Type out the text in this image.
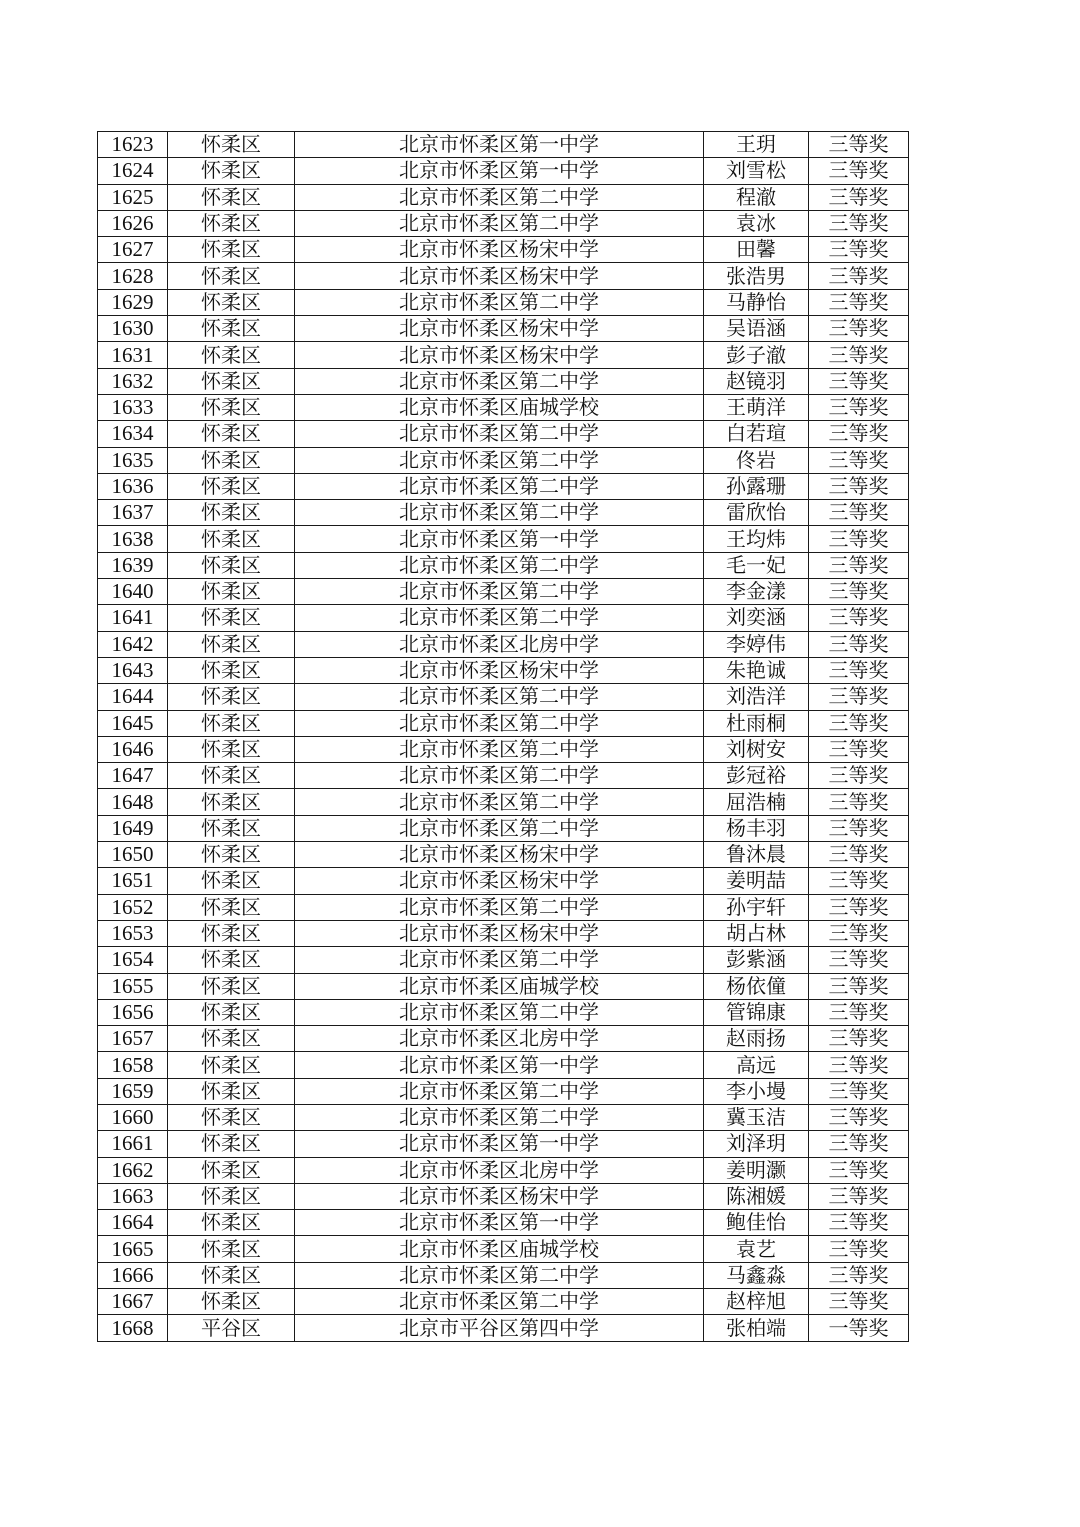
1623	怀柔区	北京市怀柔区第一中学	王玥	三等奖
1624	怀柔区	北京市怀柔区第一中学	刘雪松	三等奖
1625	怀柔区	北京市怀柔区第二中学	程澈	三等奖
1626	怀柔区	北京市怀柔区第二中学	袁冰	三等奖
1627	怀柔区	北京市怀柔区杨宋中学	田馨	三等奖
1628	怀柔区	北京市怀柔区杨宋中学	张浩男	三等奖
1629	怀柔区	北京市怀柔区第二中学	马静怡	三等奖
1630	怀柔区	北京市怀柔区杨宋中学	吴语涵	三等奖
1631	怀柔区	北京市怀柔区杨宋中学	彭子澈	三等奖
1632	怀柔区	北京市怀柔区第二中学	赵镜羽	三等奖
1633	怀柔区	北京市怀柔区庙城学校	王萌洋	三等奖
1634	怀柔区	北京市怀柔区第二中学	白若瑄	三等奖
1635	怀柔区	北京市怀柔区第二中学	佟岩	三等奖
1636	怀柔区	北京市怀柔区第二中学	孙露珊	三等奖
1637	怀柔区	北京市怀柔区第二中学	雷欣怡	三等奖
1638	怀柔区	北京市怀柔区第一中学	王均炜	三等奖
1639	怀柔区	北京市怀柔区第二中学	毛一妃	三等奖
1640	怀柔区	北京市怀柔区第二中学	李金漾	三等奖
1641	怀柔区	北京市怀柔区第二中学	刘奕涵	三等奖
1642	怀柔区	北京市怀柔区北房中学	李婷伟	三等奖
1643	怀柔区	北京市怀柔区杨宋中学	朱艳诚	三等奖
1644	怀柔区	北京市怀柔区第二中学	刘浩洋	三等奖
1645	怀柔区	北京市怀柔区第二中学	杜雨桐	三等奖
1646	怀柔区	北京市怀柔区第二中学	刘树安	三等奖
1647	怀柔区	北京市怀柔区第二中学	彭冠裕	三等奖
1648	怀柔区	北京市怀柔区第二中学	屈浩楠	三等奖
1649	怀柔区	北京市怀柔区第二中学	杨丰羽	三等奖
1650	怀柔区	北京市怀柔区杨宋中学	鲁沐晨	三等奖
1651	怀柔区	北京市怀柔区杨宋中学	姜明喆	三等奖
1652	怀柔区	北京市怀柔区第二中学	孙宇轩	三等奖
1653	怀柔区	北京市怀柔区杨宋中学	胡占林	三等奖
1654	怀柔区	北京市怀柔区第二中学	彭紫涵	三等奖
1655	怀柔区	北京市怀柔区庙城学校	杨依僮	三等奖
1656	怀柔区	北京市怀柔区第二中学	管锦康	三等奖
1657	怀柔区	北京市怀柔区北房中学	赵雨扬	三等奖
1658	怀柔区	北京市怀柔区第一中学	高远	三等奖
1659	怀柔区	北京市怀柔区第二中学	李小墁	三等奖
1660	怀柔区	北京市怀柔区第二中学	冀玉洁	三等奖
1661	怀柔区	北京市怀柔区第一中学	刘泽玥	三等奖
1662	怀柔区	北京市怀柔区北房中学	姜明灏	三等奖
1663	怀柔区	北京市怀柔区杨宋中学	陈湘媛	三等奖
1664	怀柔区	北京市怀柔区第一中学	鲍佳怡	三等奖
1665	怀柔区	北京市怀柔区庙城学校	袁艺	三等奖
1666	怀柔区	北京市怀柔区第二中学	马鑫淼	三等奖
1667	怀柔区	北京市怀柔区第二中学	赵梓旭	三等奖
1668	平谷区	北京市平谷区第四中学	张柏端	一等奖
